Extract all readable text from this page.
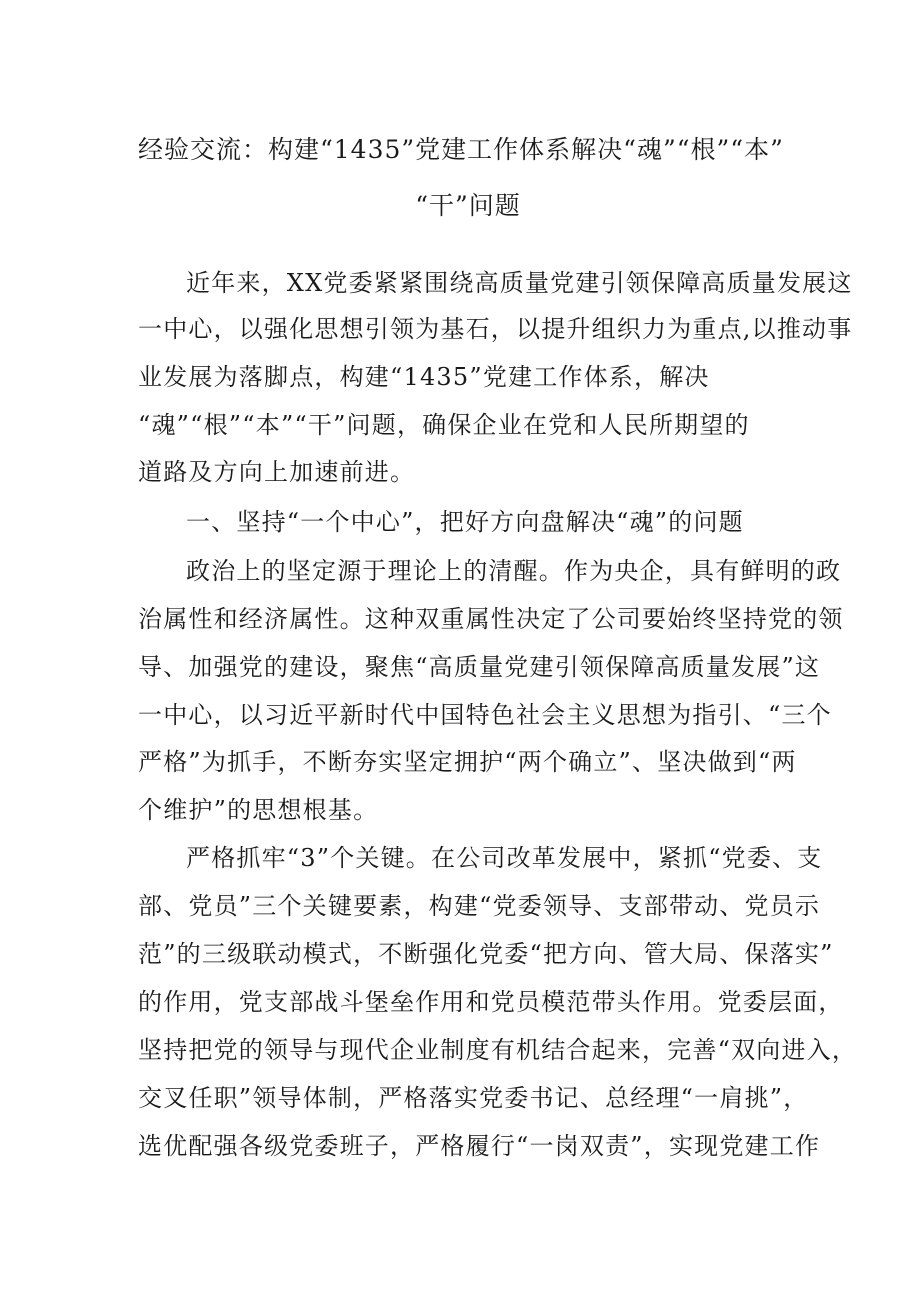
经验交流：构建“1435”党建工作体系解决“魂”“根”“本”
“干”问题
近年来，XX党委紧紧围绕高质量党建引领保障高质量发展这
一中心，以强化思想引领为基石，以提升组织力为重点,以推动事
业发展为落脚点，构建“1435”党建工作体系，解决
“魂”“根”“本”“干”问题，确保企业在党和人民所期望的
道路及方向上加速前进。
一、坚持“一个中心”，把好方向盘解决“魂”的问题
政治上的坚定源于理论上的清醒。作为央企，具有鲜明的政
治属性和经济属性。这种双重属性决定了公司要始终坚持党的领
导、加强党的建设，聚焦“高质量党建引领保障高质量发展”这
一中心，以习近平新时代中国特色社会主义思想为指引、“三个
严格”为抓手，不断夯实坚定拥护“两个确立”、坚决做到“两
个维护”的思想根基。
严格抓牢“3”个关键。在公司改革发展中，紧抓“党委、支
部、党员”三个关键要素，构建“党委领导、支部带动、党员示
范”的三级联动模式，不断强化党委“把方向、管大局、保落实”
的作用，党支部战斗堡垒作用和党员模范带头作用。党委层面，
坚持把党的领导与现代企业制度有机结合起来，完善“双向进入，
交叉任职”领导体制，严格落实党委书记、总经理“一肩挑”，
选优配强各级党委班子，严格履行“一岗双责”，实现党建工作
